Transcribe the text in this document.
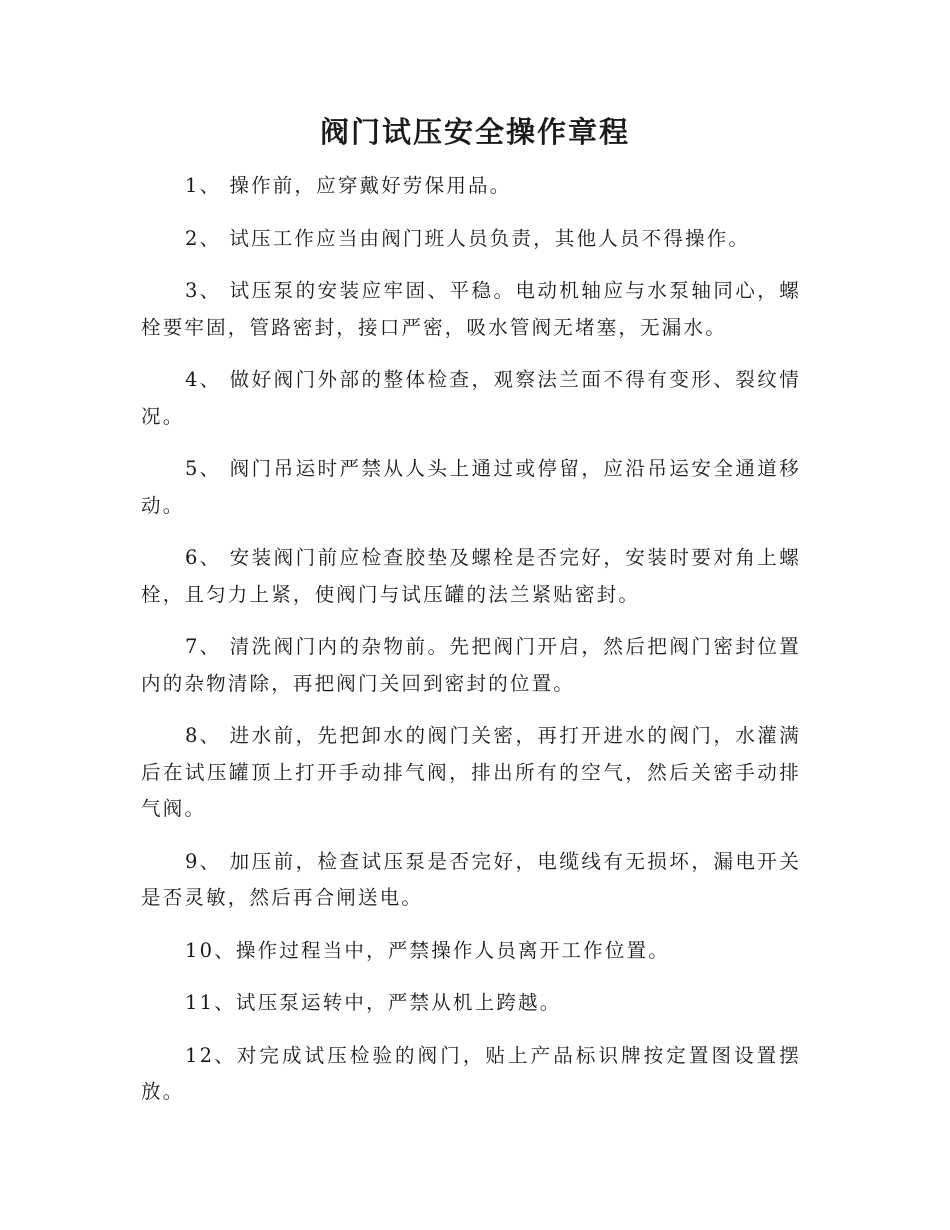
阀门试压安全操作章程
1、 操作前，应穿戴好劳保用品。
2、 试压工作应当由阀门班人员负责，其他人员不得操作。
3、 试压泵的安装应牢固、平稳。电动机轴应与水泵轴同心，螺栓要牢固，管路密封，接口严密，吸水管阀无堵塞，无漏水。
4、 做好阀门外部的整体检查，观察法兰面不得有变形、裂纹情况。
5、 阀门吊运时严禁从人头上通过或停留，应沿吊运安全通道移动。
6、 安装阀门前应检查胶垫及螺栓是否完好，安装时要对角上螺栓，且匀力上紧，使阀门与试压罐的法兰紧贴密封。
7、 清洗阀门内的杂物前。先把阀门开启，然后把阀门密封位置内的杂物清除，再把阀门关回到密封的位置。
8、 进水前，先把卸水的阀门关密，再打开进水的阀门，水灌满后在试压罐顶上打开手动排气阀，排出所有的空气，然后关密手动排气阀。
9、 加压前，检查试压泵是否完好，电缆线有无损坏，漏电开关是否灵敏，然后再合闸送电。
10、操作过程当中，严禁操作人员离开工作位置。
11、试压泵运转中，严禁从机上跨越。
12、对完成试压检验的阀门，贴上产品标识牌按定置图设置摆放。
